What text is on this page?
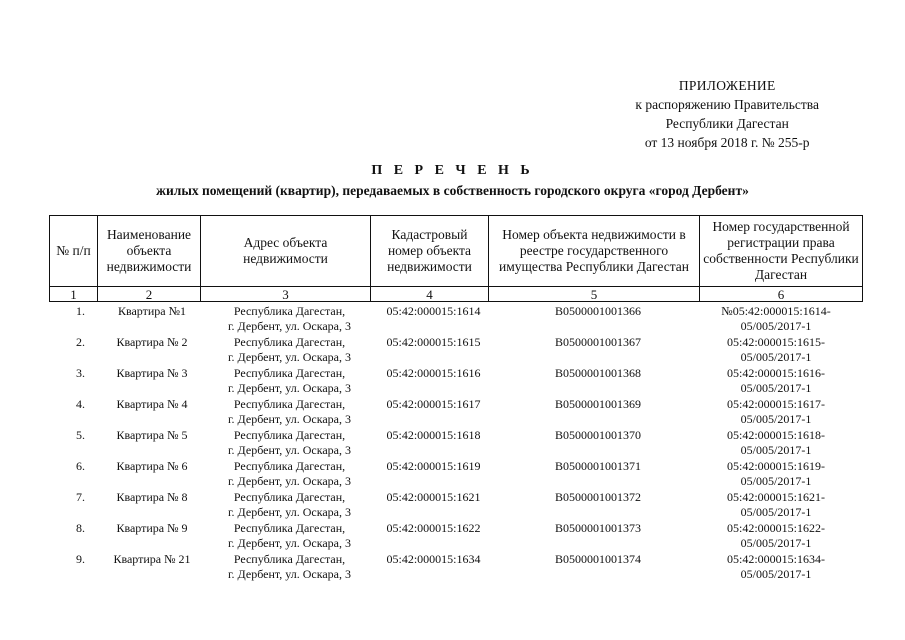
ПРИЛОЖЕНИЕ
к распоряжению Правительства
Республики Дагестан
от 13 ноября 2018 г. № 255-р
П Е Р Е Ч Е Н Ь
жилых помещений (квартир), передаваемых в собственность городского округа «город Дербент»
№ п/п	Наименование объекта недвижимости	Адрес объекта недвижимости	Кадастровый номер объекта недвижимости	Номер объекта недвижимости в реестре государственного имущества Республики Дагестан	Номер государственной регистрации права собственности Республики Дагестан
1	2	3	4	5	6

1.	Квартира №1	Республика Дагестан,
г. Дербент, ул. Оскара, 3	05:42:000015:1614	В0500001001366	№05:42:000015:1614-
05/005/2017-1

2.	Квартира № 2	Республика Дагестан,
г. Дербент, ул. Оскара, 3	05:42:000015:1615	В0500001001367	05:42:000015:1615-
05/005/2017-1

3.	Квартира № 3	Республика Дагестан,
г. Дербент, ул. Оскара, 3	05:42:000015:1616	В0500001001368	05:42:000015:1616-
05/005/2017-1

4.	Квартира № 4	Республика Дагестан,
г. Дербент, ул. Оскара, 3	05:42:000015:1617	В0500001001369	05:42:000015:1617-
05/005/2017-1

5.	Квартира № 5	Республика Дагестан,
г. Дербент, ул. Оскара, 3	05:42:000015:1618	В0500001001370	05:42:000015:1618-
05/005/2017-1

6.	Квартира № 6	Республика Дагестан,
г. Дербент, ул. Оскара, 3	05:42:000015:1619	В0500001001371	05:42:000015:1619-
05/005/2017-1

7.	Квартира № 8	Республика Дагестан,
г. Дербент, ул. Оскара, 3	05:42:000015:1621	В0500001001372	05:42:000015:1621-
05/005/2017-1

8.	Квартира № 9	Республика Дагестан,
г. Дербент, ул. Оскара, 3	05:42:000015:1622	В0500001001373	05:42:000015:1622-
05/005/2017-1

9.	Квартира № 21	Республика Дагестан,
г. Дербент, ул. Оскара, 3	05:42:000015:1634	В0500001001374	05:42:000015:1634-
05/005/2017-1
